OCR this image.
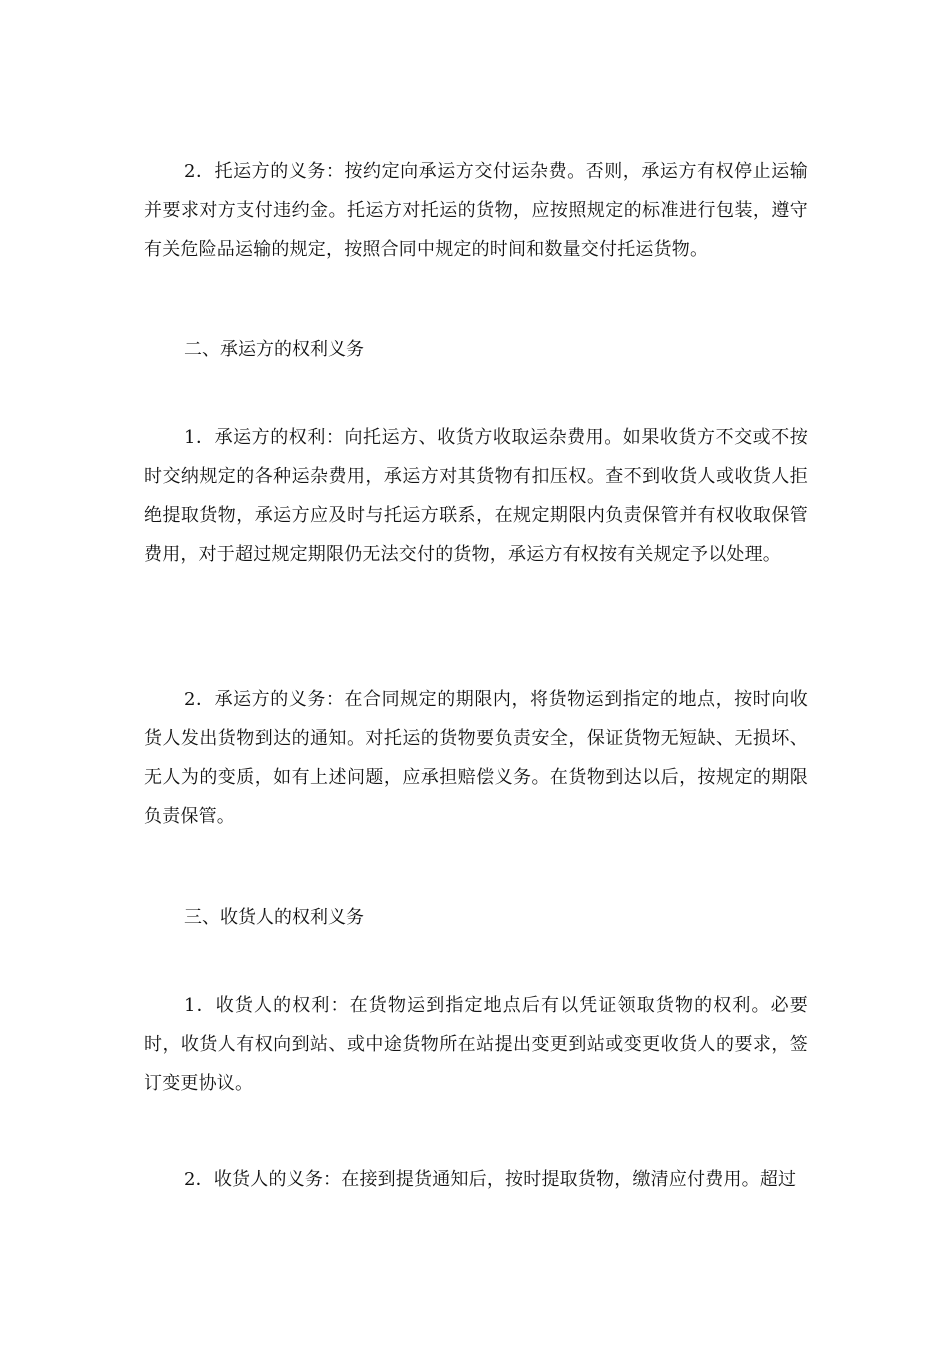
2．托运方的义务：按约定向承运方交付运杂费。否则，承运方有权停止运输并要求对方支付违约金。托运方对托运的货物，应按照规定的标准进行包装，遵守有关危险品运输的规定，按照合同中规定的时间和数量交付托运货物。

二、承运方的权利义务

1．承运方的权利：向托运方、收货方收取运杂费用。如果收货方不交或不按时交纳规定的各种运杂费用，承运方对其货物有扣压权。查不到收货人或收货人拒绝提取货物，承运方应及时与托运方联系，在规定期限内负责保管并有权收取保管费用，对于超过规定期限仍无法交付的货物，承运方有权按有关规定予以处理。

2．承运方的义务：在合同规定的期限内，将货物运到指定的地点，按时向收货人发出货物到达的通知。对托运的货物要负责安全，保证货物无短缺、无损坏、无人为的变质，如有上述问题，应承担赔偿义务。在货物到达以后，按规定的期限负责保管。

三、收货人的权利义务

1．收货人的权利：在货物运到指定地点后有以凭证领取货物的权利。必要时，收货人有权向到站、或中途货物所在站提出变更到站或变更收货人的要求，签订变更协议。

2．收货人的义务：在接到提货通知后，按时提取货物，缴清应付费用。超过
